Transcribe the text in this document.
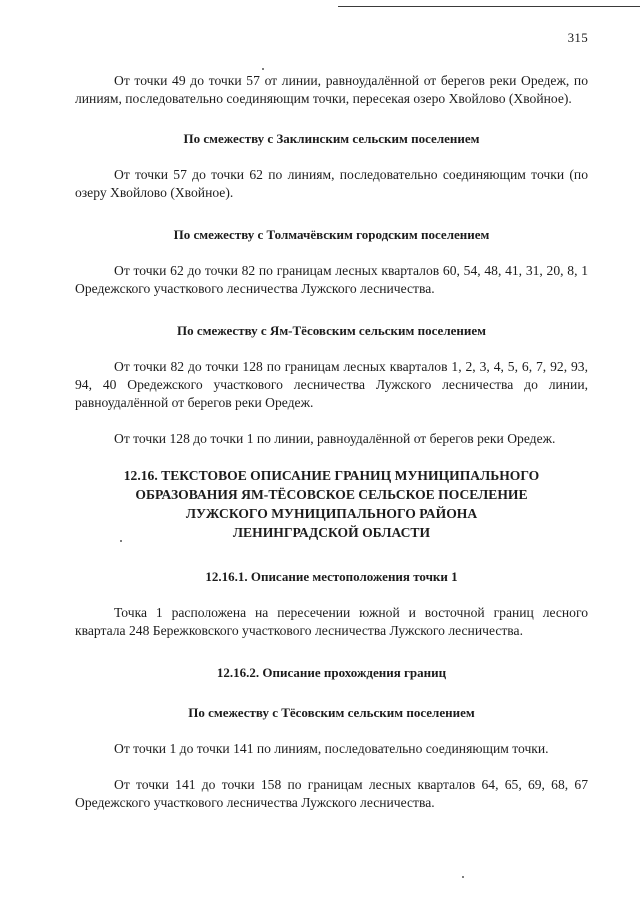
315

От точки 49 до точки 57 от линии, равноудалённой от берегов реки Оредеж, по линиям, последовательно соединяющим точки, пересекая озеро Хвойлово (Хвойное).

По смежеству с Заклинским сельским поселением

От точки 57 до точки 62 по линиям, последовательно соединяющим точки (по озеру Хвойлово (Хвойное).

По смежеству с Толмачёвским городским поселением

От точки 62 до точки 82 по границам лесных кварталов 60, 54, 48, 41, 31, 20, 8, 1 Оредежского участкового лесничества Лужского лесничества.

По смежеству с Ям-Тёсовским сельским поселением

От точки 82 до точки 128 по границам лесных кварталов 1, 2, 3, 4, 5, 6, 7, 92, 93, 94, 40 Оредежского участкового лесничества Лужского лесничества до линии, равноудалённой от берегов реки Оредеж.

От точки 128 до точки 1 по линии, равноудалённой от берегов реки Оредеж.

12.16. ТЕКСТОВОЕ ОПИСАНИЕ ГРАНИЦ МУНИЦИПАЛЬНОГО
ОБРАЗОВАНИЯ ЯМ-ТЁСОВСКОЕ СЕЛЬСКОЕ ПОСЕЛЕНИЕ
ЛУЖСКОГО МУНИЦИПАЛЬНОГО РАЙОНА
ЛЕНИНГРАДСКОЙ ОБЛАСТИ
12.16.1. Описание местоположения точки 1

Точка 1 расположена на пересечении южной и восточной границ лесного квартала 248 Бережковского участкового лесничества Лужского лесничества.

12.16.2. Описание прохождения границ
По смежеству с Тёсовским сельским поселением

От точки 1 до точки 141 по линиям, последовательно соединяющим точки.

От точки 141 до точки 158 по границам лесных кварталов 64, 65, 69, 68, 67 Оредежского участкового лесничества Лужского лесничества.
